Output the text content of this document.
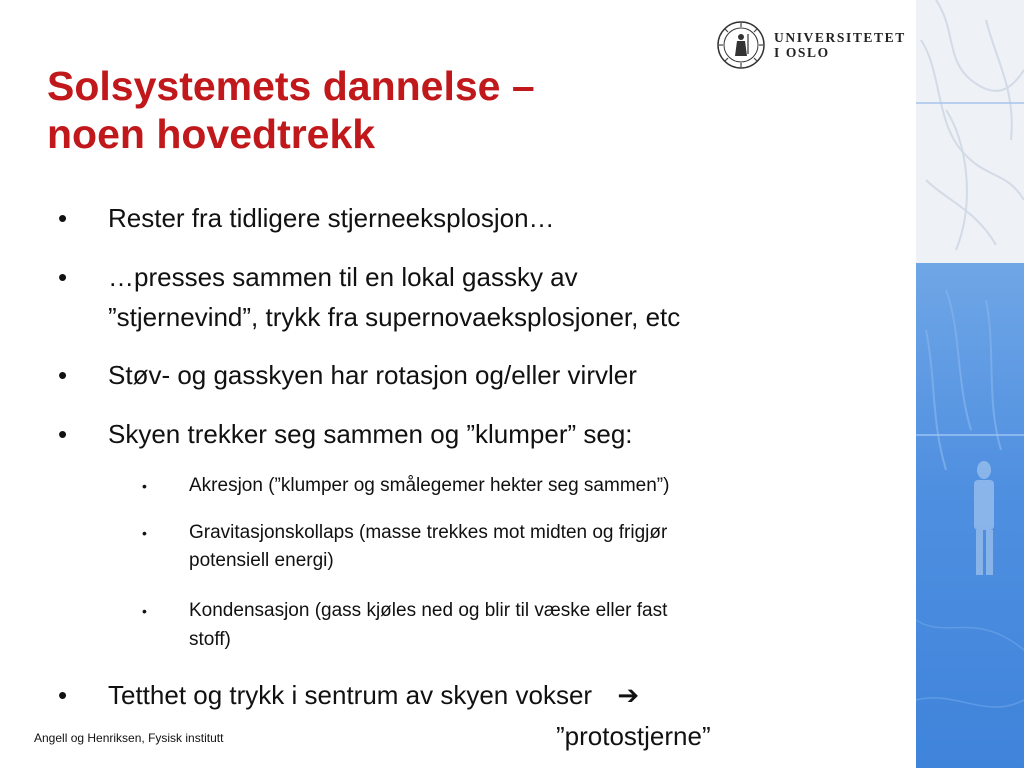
UNIVERSITETET
I OSLO
Solsystemets dannelse –
noen hovedtrekk
• Rester fra tidligere stjerneeksplosjon…
• …presses sammen til en lokal gassky av
”stjernevind”, trykk fra supernovaeksplosjoner, etc
• Støv- og gasskyen har rotasjon og/eller virvler
• Skyen trekker seg sammen og ”klumper” seg:
• Akresjon (”klumper og smålegemer hekter seg sammen”)
• Gravitasjonskollaps (masse trekkes mot midten og frigjør
potensiell energi)
• Kondensasjon (gass kjøles ned og blir til væske eller fast
stoff)
• Tetthet og trykk i sentrum av skyen vokser ➔
”protostjerne”
Angell og Henriksen, Fysisk institutt
